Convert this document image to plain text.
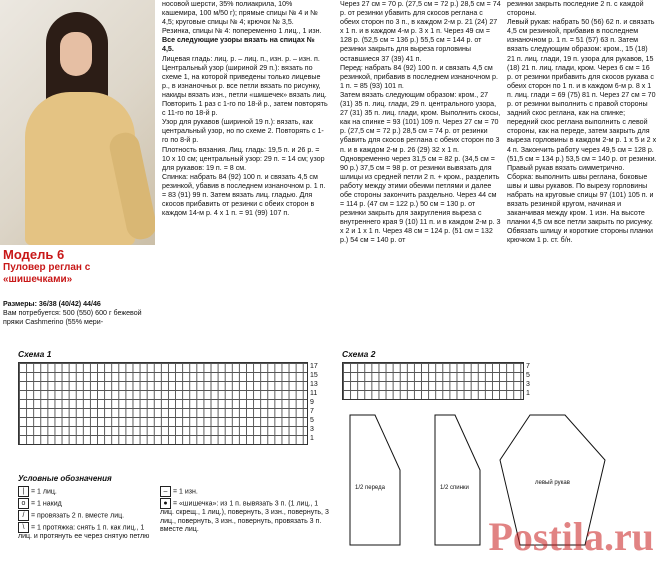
Модель 6
Пуловер реглан с «шишечками»

Размеры: 36/38 (40/42) 44/46

Вам потребуется: 500 (550) 600 г бежевой пряжи Cashmerino (55% мери-

носовой шерсти, 35% полиакрила, 10% кашемира, 100 м/50 г); прямые спицы № 4 и № 4,5; круговые спицы № 4; крючок № 3,5.

Резинка, спицы № 4: попеременно 1 лиц., 1 изн.

Все следующие узоры вязать на спицах № 4,5.

Лицевая гладь: лиц. р. – лиц. п., изн. р. – изн. п.

Центральный узор (шириной 29 п.): вязать по схеме 1, на которой приведены только лицевые р., в изнаночных р. все петли вязать по рисунку, накиды вязать изн., петли «шишечек» вязать лиц. Повторить 1 раз с 1-го по 18-й р., затем повторять с 11-го по 18-й р.

Узор для рукавов (шириной 19 п.): вязать, как центральный узор, но по схеме 2. Повторять с 1-го по 8-й р.

Плотность вязания. Лиц. гладь: 19,5 п. и 26 р. = 10 x 10 см; центральный узор: 29 п. = 14 см; узор для рукавов: 19 п. = 8 см.

Спинка: набрать 84 (92) 100 п. и связать 4,5 см резинкой, убавив в последнем изнаночном р. 1 п. = 83 (91) 99 п. Затем вязать лиц. гладью. Для скосов прибавить от резинки с обеих сторон в каждом 14-м р. 4 x 1 п. = 91 (99) 107 п.

Через 27 см = 70 р. (27,5 см = 72 р.) 28,5 см = 74 р. от резинки убавить для скосов реглана с обеих сторон по 3 п., в каждом 2-м р. 21 (24) 27 x 1 п. и в каждом 4-м р. 3 x 1 п. Через 49 см = 128 р. (52,5 см = 136 р.) 55,5 см = 144 р. от резинки закрыть для выреза горловины оставшиеся 37 (39) 41 п.

Перед: набрать 84 (92) 100 п. и связать 4,5 см резинкой, прибавив в последнем изнаночном р. 1 п. = 85 (93) 101 п.

Затем вязать следующим образом: кром., 27 (31) 35 п. лиц. глади, 29 п. центрального узора, 27 (31) 35 п. лиц. глади, кром. Выполнить скосы, как на спинке = 93 (101) 109 п. Через 27 см = 70 р. (27,5 см = 72 р.) 28,5 см = 74 р. от резинки убавить для скосов реглана с обеих сторон по 3 п. и в каждом 2-м р. 26 (29) 32 x 1 п. Одновременно через 31,5 см = 82 р. (34,5 см = 90 р.) 37,5 см = 98 р. от резинки вывязать для шлицы из средней петли 2 п. + кром., разделить работу между этими обеими петлями и далее обе стороны закончить раздельно. Через 44 см = 114 р. (47 см = 122 р.) 50 см = 130 р. от резинки закрыть для закругления выреза с внутреннего края 9 (10) 11 п. и в каждом 2-м р. 3 x 2 и 1 x 1 п. Через 48 см = 124 р. (51 см = 132 р.) 54 см = 140 р. от

резинки закрыть последние 2 п. с каждой стороны.

Левый рукав: набрать 50 (56) 62 п. и связать 4,5 см резинкой, прибавив в последнем изнаночном р. 1 п. = 51 (57) 63 п. Затем вязать следующим образом: кром., 15 (18) 21 п. лиц. глади, 19 п. узора для рукавов, 15 (18) 21 п. лиц. глади, кром. Через 6 см = 16 р. от резинки прибавить для скосов рукава с обеих сторон по 1 п. и в каждом 6-м р. 8 x 1 п. лиц. глади = 69 (75) 81 п. Через 27 см = 70 р. от резинки выполнить с правой стороны задний скос реглана, как на спинке; передний скос реглана выполнить с левой стороны, как на переде, затем закрыть для выреза горловины в каждом 2-м р. 1 x 5 и 2 x 4 п. Закончить работу через 49,5 см = 128 р. (51,5 см = 134 р.) 53,5 см = 140 р. от резинки.

Правый рукав вязать симметрично.

Сборка: выполнить швы реглана, боковые швы и швы рукавов. По вырезу горловины набрать на круговые спицы 97 (101) 105 п. и вязать резинкой кругом, начиная и заканчивая между кром. 1 изн. На высоте планки 4,5 см все петли закрыть по рисунку. Обвязать шлицу и короткие стороны планки крючком 1 р. ст. б/н.

Схема 1
17
15
13
11
9
7
5
3
1
Схема 2
7
5
3
1
1/2 переда	1/2 спинки
левый рукав
Условные обозначения
| = 1 лиц.
o = 1 накид
/ = провязать 2 п. вместе лиц.
\ = 1 протяжка: снять 1 п. как лиц., 1 лиц. и протянуть ее через снятую петлю
– = 1 изн.
● = «шишечка»: из 1 п. вывязать 3 п. (1 лиц., 1 лиц. скрещ., 1 лиц.), повернуть, 3 изн., повернуть, 3 лиц., повернуть, 3 изн., повернуть, провязать 3 п. вместе лиц.	Postila.ru
